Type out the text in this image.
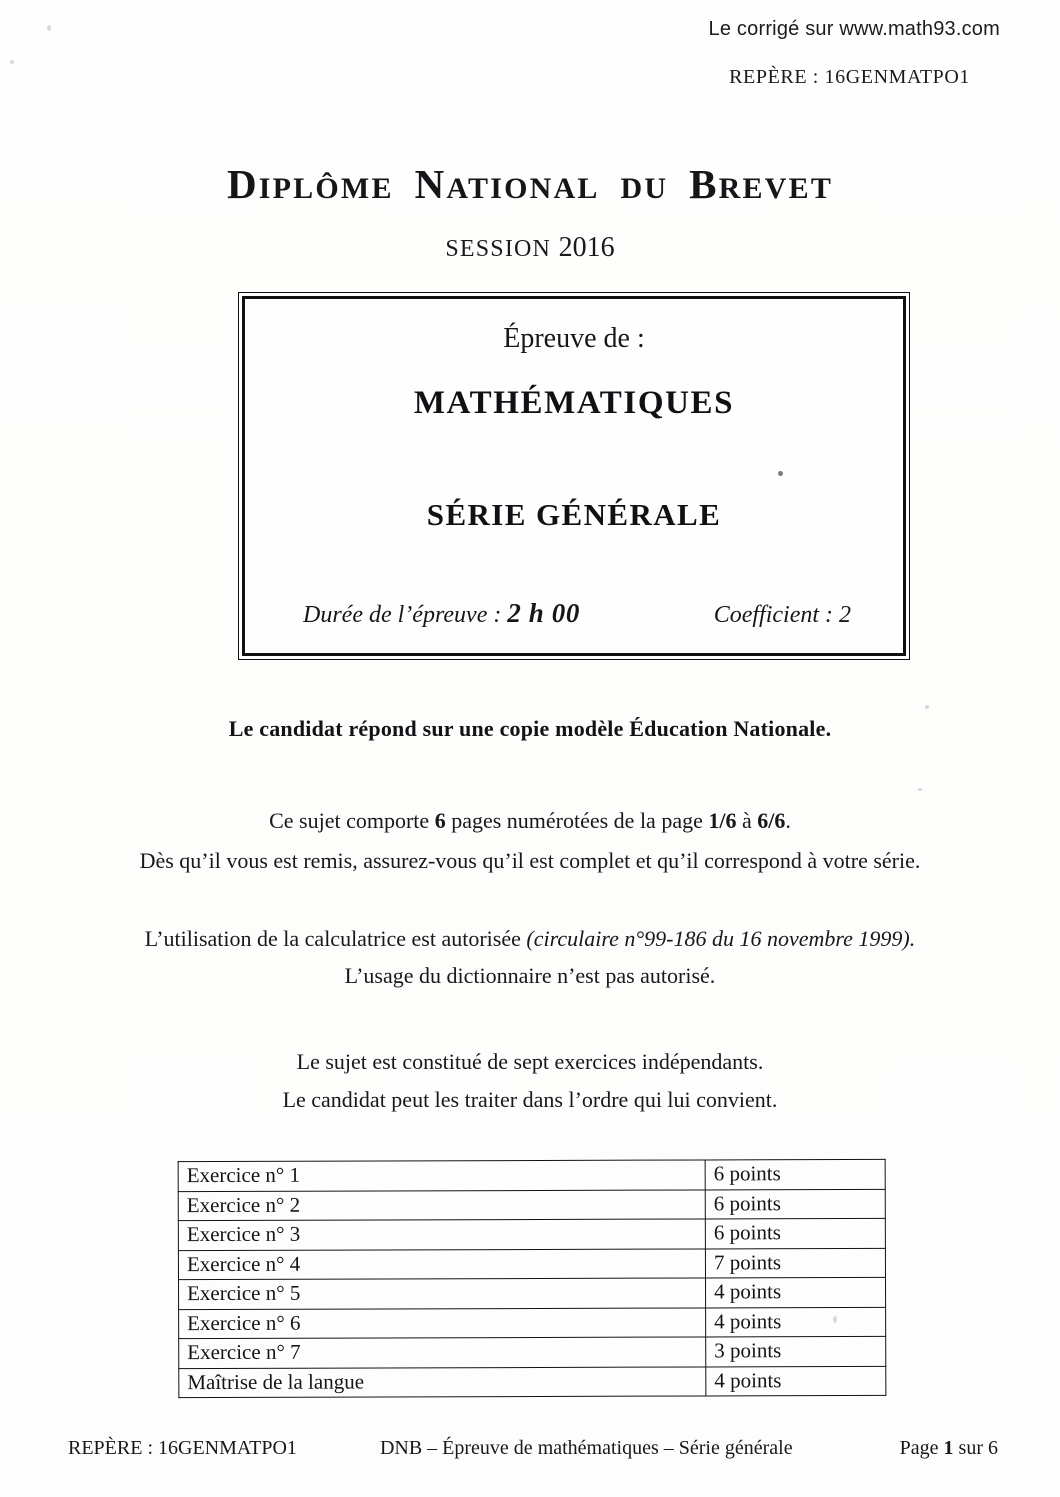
Le corrigé sur www.math93.com
REPÈRE : 16GENMATPO1
DIPLÔME NATIONAL DU BREVET
SESSION 2016
Épreuve de :
MATHÉMATIQUES
SÉRIE GÉNÉRALE
Durée de l’épreuve : 2 h 00	Coefficient : 2
Le candidat répond sur une copie modèle Éducation Nationale.
Ce sujet comporte 6 pages numérotées de la page 1/6 à 6/6.
Dès qu’il vous est remis, assurez-vous qu’il est complet et qu’il correspond à votre série.
L’utilisation de la calculatrice est autorisée (circulaire n°99-186 du 16 novembre 1999).
L’usage du dictionnaire n’est pas autorisé.
Le sujet est constitué de sept exercices indépendants.
Le candidat peut les traiter dans l’ordre qui lui convient.
Exercice n° 1	6 points
Exercice n° 2	6 points
Exercice n° 3	6 points
Exercice n° 4	7 points
Exercice n° 5	4 points
Exercice n° 6	4 points
Exercice n° 7	3 points
Maîtrise de la langue	4 points
REPÈRE : 16GENMATPO1	DNB – Épreuve de mathématiques – Série générale	Page 1 sur 6
